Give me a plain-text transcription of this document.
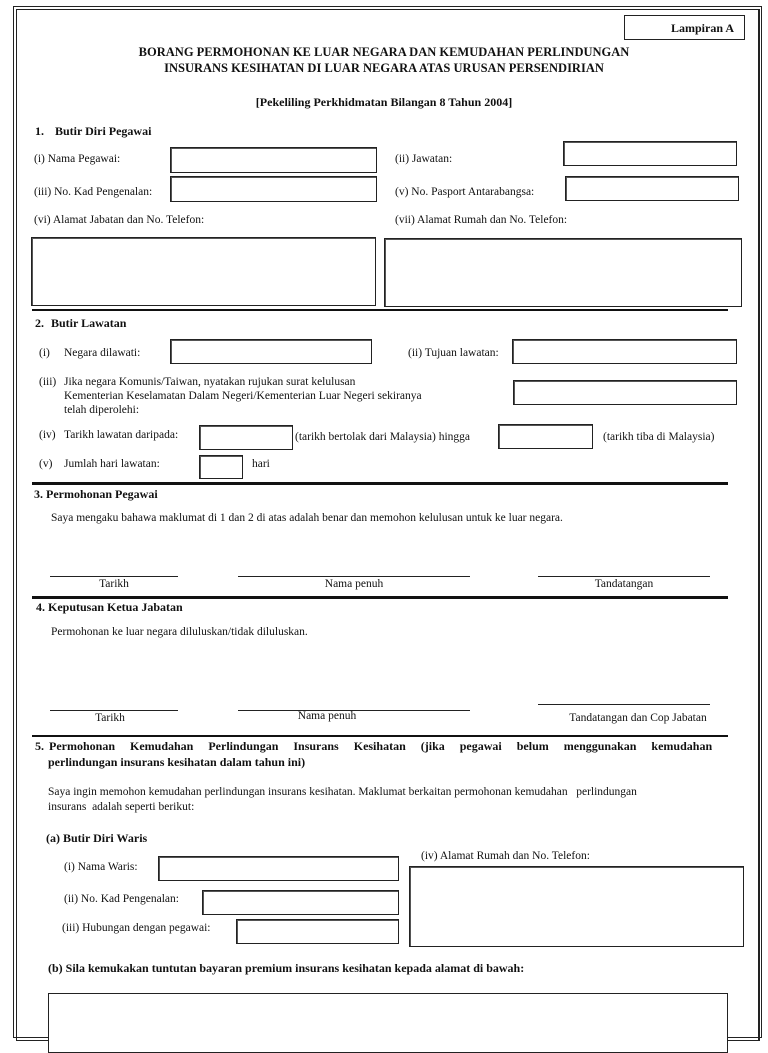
Lampiran A
BORANG PERMOHONAN KE LUAR NEGARA DAN KEMUDAHAN PERLINDUNGAN
INSURANS KESIHATAN DI LUAR NEGARA ATAS URUSAN PERSENDIRIAN
[Pekeliling Perkhidmatan Bilangan 8 Tahun 2004]
1. Butir Diri Pegawai
(i) Nama Pegawai:	(ii) Jawatan:
(iii) No. Kad Pengenalan:	(v) No. Pasport Antarabangsa:
(vi) Alamat Jabatan dan No. Telefon:	(vii) Alamat Rumah dan No. Telefon:
2. Butir Lawatan
(i) Negara dilawati:	(ii) Tujuan lawatan:
(iii) Jika negara Komunis/Taiwan, nyatakan rujukan surat kelulusan
Kementerian Keselamatan Dalam Negeri/Kementerian Luar Negeri sekiranya
telah diperolehi:
(iv) Tarikh lawatan daripada:	(tarikh bertolak dari Malaysia) hingga	(tarikh tiba di Malaysia)
(v) Jumlah hari lawatan:	hari
3. Permohonan Pegawai
Saya mengaku bahawa maklumat di 1 dan 2 di atas adalah benar dan memohon kelulusan untuk ke luar negara.
Tarikh	Nama penuh	Tandatangan
4. Keputusan Ketua Jabatan
Permohonan ke luar negara diluluskan/tidak diluluskan.
Tarikh	Nama penuh	Tandatangan dan Cop Jabatan
5. Permohonan   Kemudahan   Perlindungan   Insurans   Kesihatan   (jika   pegawai   belum   menggunakan   kemudahan
perlindungan insurans kesihatan dalam tahun ini)
Saya ingin memohon kemudahan perlindungan insurans kesihatan. Maklumat berkaitan permohonan kemudahan   perlindungan
insurans  adalah seperti berikut:
(a) Butir Diri Waris
(i) Nama Waris:
(ii) No. Kad Pengenalan:
(iii) Hubungan dengan pegawai:
(iv) Alamat Rumah dan No. Telefon:
(b) Sila kemukakan tuntutan bayaran premium insurans kesihatan kepada alamat di bawah:
